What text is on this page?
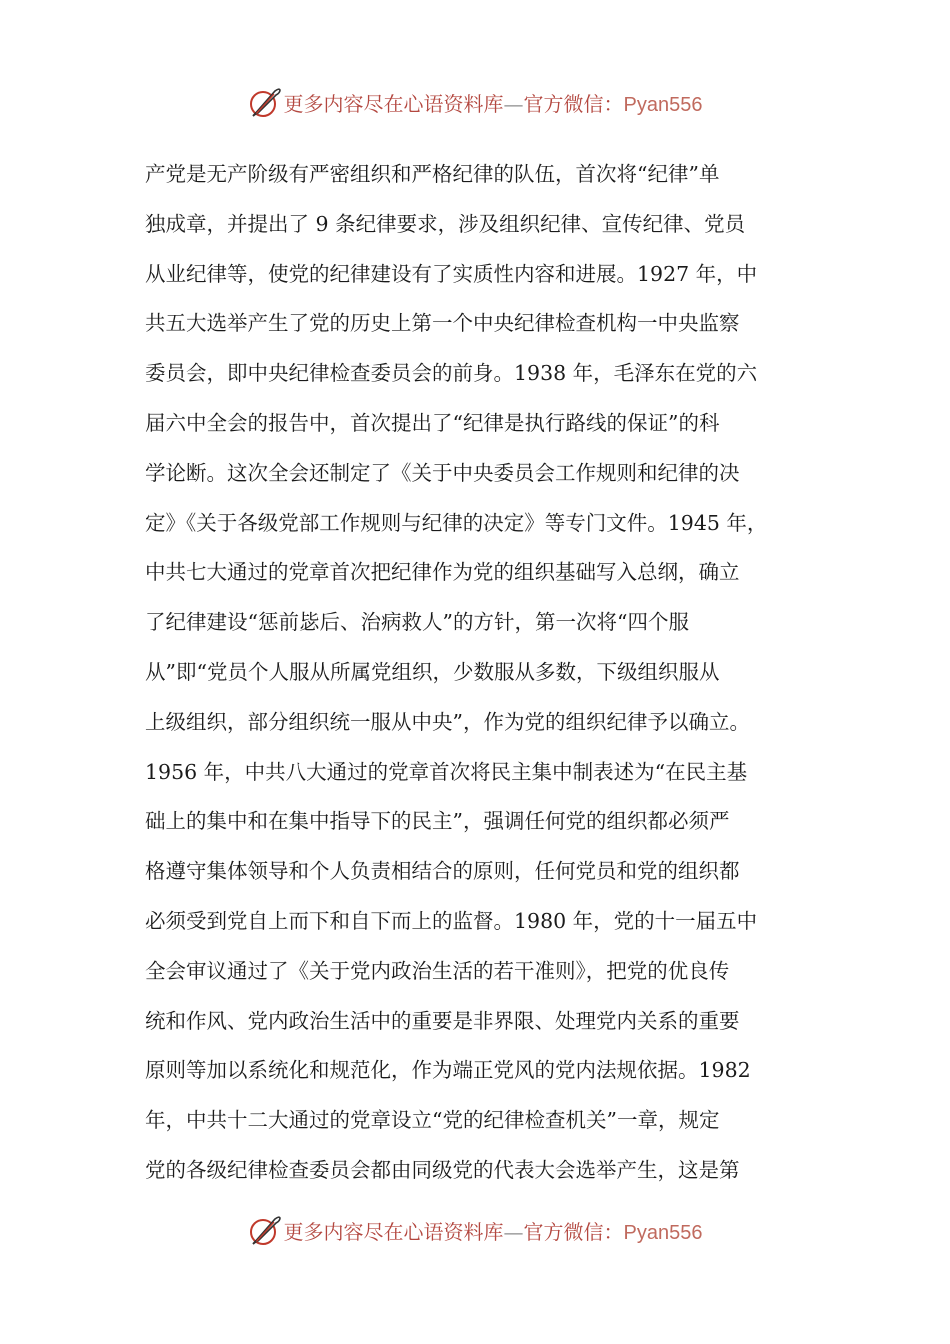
更多内容尽在心语资料库—官方微信：Pyan556
产党是无产阶级有严密组织和严格纪律的队伍，首次将“纪律”单
独成章，并提出了 9 条纪律要求，涉及组织纪律、宣传纪律、党员
从业纪律等，使党的纪律建设有了实质性内容和进展。1927 年，中
共五大选举产生了党的历史上第一个中央纪律检查机构一中央监察
委员会，即中央纪律检查委员会的前身。1938 年，毛泽东在党的六
届六中全会的报告中，首次提出了“纪律是执行路线的保证”的科
学论断。这次全会还制定了《关于中央委员会工作规则和纪律的决
定》《关于各级党部工作规则与纪律的决定》等专门文件。1945 年，
中共七大通过的党章首次把纪律作为党的组织基础写入总纲，确立
了纪律建设“惩前毖后、治病救人”的方针，第一次将“四个服
从”即“党员个人服从所属党组织，少数服从多数，下级组织服从
上级组织，部分组织统一服从中央”，作为党的组织纪律予以确立。
1956 年，中共八大通过的党章首次将民主集中制表述为“在民主基
础上的集中和在集中指导下的民主”，强调任何党的组织都必须严
格遵守集体领导和个人负责相结合的原则，任何党员和党的组织都
必须受到党自上而下和自下而上的监督。1980 年，党的十一届五中
全会审议通过了《关于党内政治生活的若干准则》，把党的优良传
统和作风、党内政治生活中的重要是非界限、处理党内关系的重要
原则等加以系统化和规范化，作为端正党风的党内法规依据。1982
年，中共十二大通过的党章设立“党的纪律检查机关”一章，规定
党的各级纪律检查委员会都由同级党的代表大会选举产生，这是第
更多内容尽在心语资料库—官方微信：Pyan556
